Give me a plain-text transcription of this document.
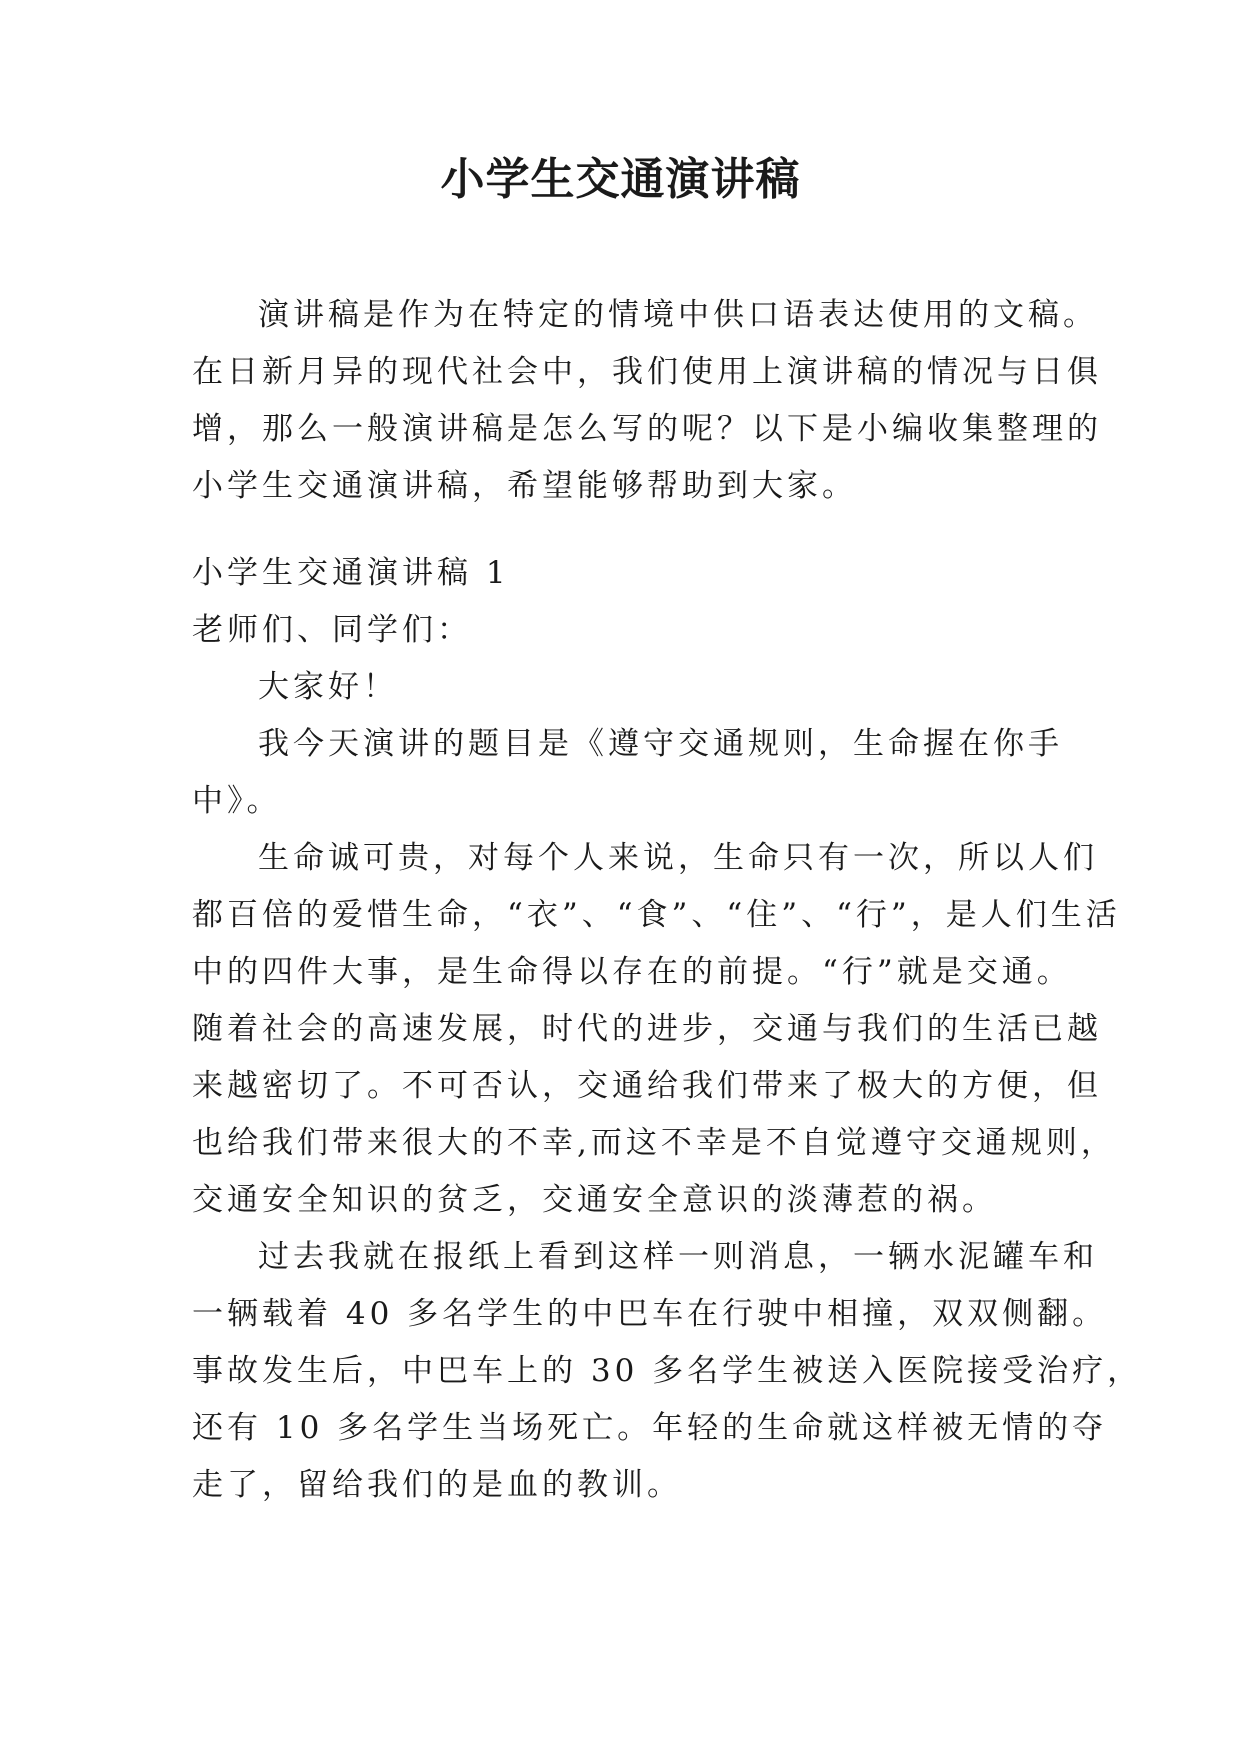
小学生交通演讲稿
演讲稿是作为在特定的情境中供口语表达使用的文稿。
在日新月异的现代社会中，我们使用上演讲稿的情况与日俱
增，那么一般演讲稿是怎么写的呢？以下是小编收集整理的
小学生交通演讲稿，希望能够帮助到大家。
小学生交通演讲稿 1
老师们、同学们：
大家好！
我今天演讲的题目是《遵守交通规则，生命握在你手
中》。
生命诚可贵，对每个人来说，生命只有一次，所以人们
都百倍的爱惜生命，“衣”、“食”、“住”、“行”，是人们生活
中的四件大事，是生命得以存在的前提。“行”就是交通。
随着社会的高速发展，时代的进步，交通与我们的生活已越
来越密切了。不可否认，交通给我们带来了极大的方便，但
也给我们带来很大的不幸,而这不幸是不自觉遵守交通规则，
交通安全知识的贫乏，交通安全意识的淡薄惹的祸。
过去我就在报纸上看到这样一则消息，一辆水泥罐车和
一辆载着 40 多名学生的中巴车在行驶中相撞，双双侧翻。
事故发生后，中巴车上的 30 多名学生被送入医院接受治疗，
还有 10 多名学生当场死亡。年轻的生命就这样被无情的夺
走了，留给我们的是血的教训。
